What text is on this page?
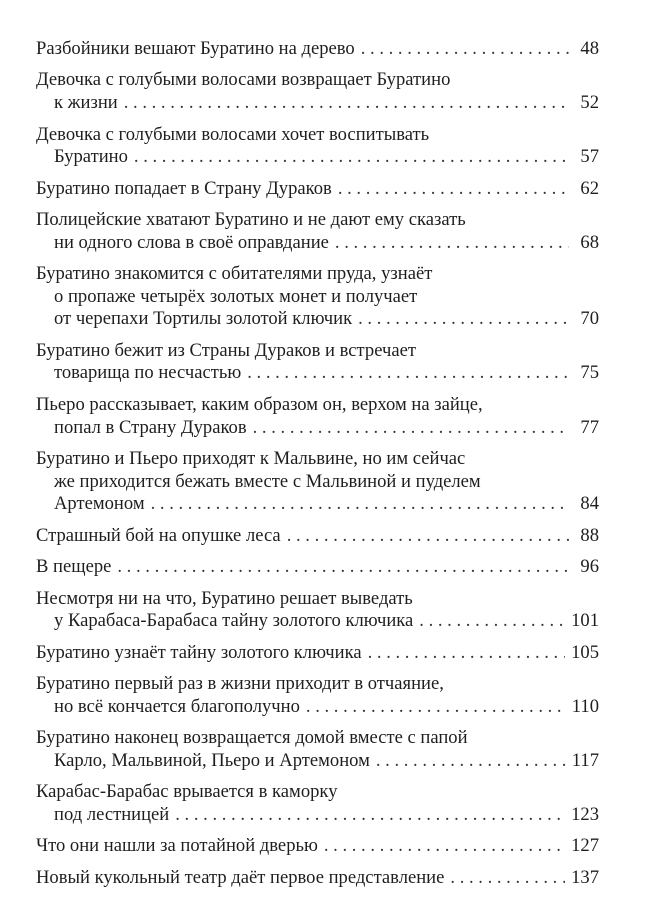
Разбойники вешают Буратино на дерево . . .	48
Девочка с голубыми волосами возвращает Буратино
к жизни . . .	52
Девочка с голубыми волосами хочет воспитывать
Буратино . . .	57
Буратино попадает в Страну Дураков . . .	62
Полицейские хватают Буратино и не дают ему сказать
ни одного слова в своё оправдание . . .	68
Буратино знакомится с обитателями пруда, узнаёт
о пропаже четырёх золотых монет и получает
от черепахи Тортилы золотой ключик . . .	70
Буратино бежит из Страны Дураков и встречает
товарища по несчастью . . .	75
Пьеро рассказывает, каким образом он, верхом на зайце,
попал в Страну Дураков . . .	77
Буратино и Пьеро приходят к Мальвине, но им сейчас
же приходится бежать вместе с Мальвиной и пуделем
Артемоном . . .	84
Страшный бой на опушке леса . . .	88
В пещере . . .	96
Несмотря ни на что, Буратино решает выведать
у Карабаса-Барабаса тайну золотого ключика . . .	101
Буратино узнаёт тайну золотого ключика . . .	105
Буратино первый раз в жизни приходит в отчаяние,
но всё кончается благополучно . . .	110
Буратино наконец возвращается домой вместе с папой
Карло, Мальвиной, Пьеро и Артемоном . . .	117
Карабас-Барабас врывается в каморку
под лестницей . . .	123
Что они нашли за потайной дверью . . .	127
Новый кукольный театр даёт первое представление . . .	137
